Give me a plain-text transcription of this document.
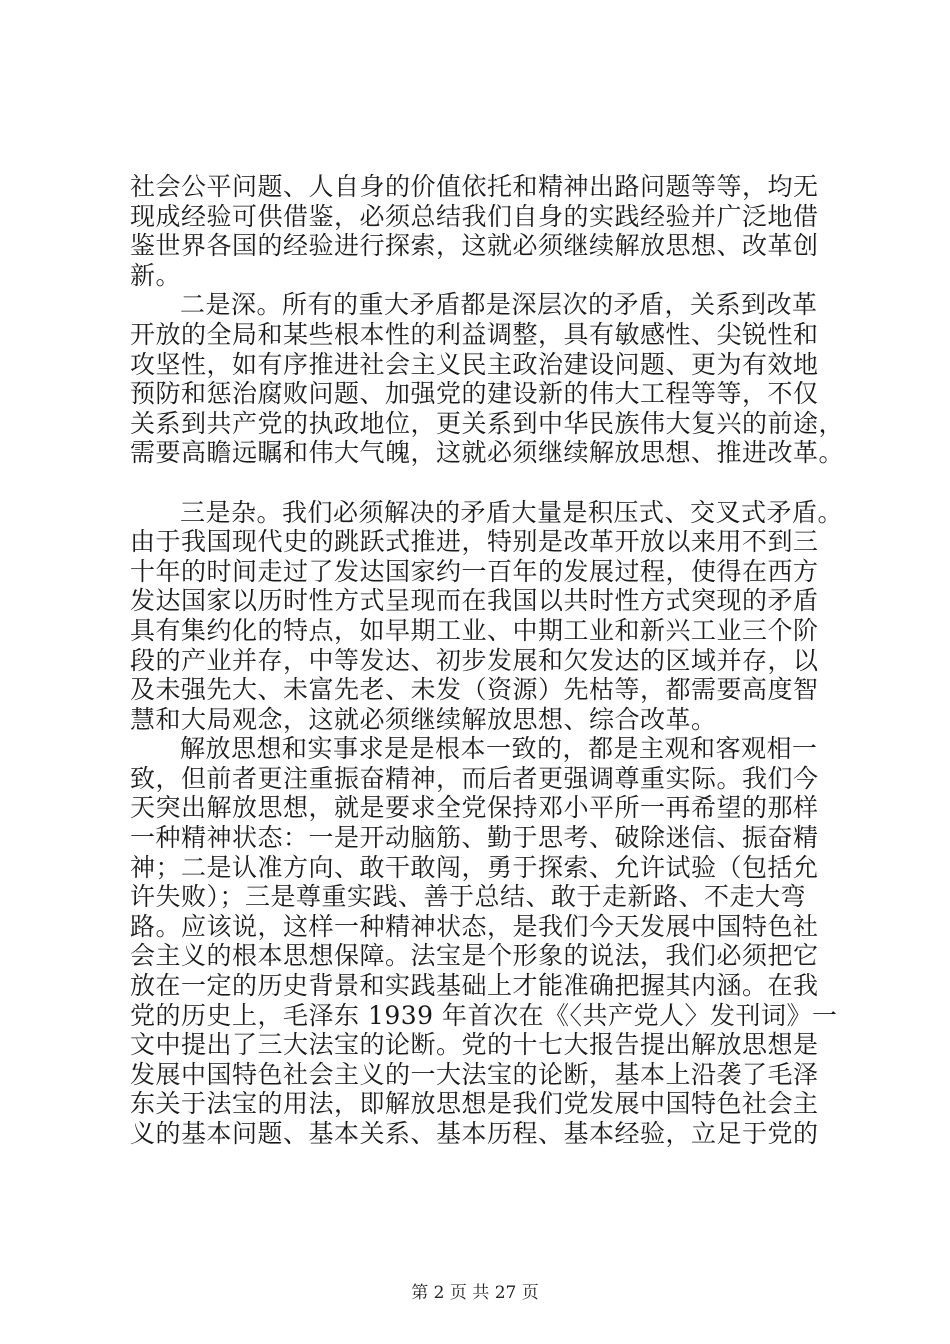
社会公平问题、人自身的价值依托和精神出路问题等等，均无
现成经验可供借鉴，必须总结我们自身的实践经验并广泛地借
鉴世界各国的经验进行探索，这就必须继续解放思想、改革创
新。
二是深。所有的重大矛盾都是深层次的矛盾，关系到改革
开放的全局和某些根本性的利益调整，具有敏感性、尖锐性和
攻坚性，如有序推进社会主义民主政治建设问题、更为有效地
预防和惩治腐败问题、加强党的建设新的伟大工程等等，不仅
关系到共产党的执政地位，更关系到中华民族伟大复兴的前途，
需要高瞻远瞩和伟大气魄，这就必须继续解放思想、推进改革。
三是杂。我们必须解决的矛盾大量是积压式、交叉式矛盾。
由于我国现代史的跳跃式推进，特别是改革开放以来用不到三
十年的时间走过了发达国家约一百年的发展过程，使得在西方
发达国家以历时性方式呈现而在我国以共时性方式突现的矛盾
具有集约化的特点，如早期工业、中期工业和新兴工业三个阶
段的产业并存，中等发达、初步发展和欠发达的区域并存，以
及未强先大、未富先老、未发（资源）先枯等，都需要高度智
慧和大局观念，这就必须继续解放思想、综合改革。
解放思想和实事求是是根本一致的，都是主观和客观相一
致，但前者更注重振奋精神，而后者更强调尊重实际。我们今
天突出解放思想，就是要求全党保持邓小平所一再希望的那样
一种精神状态：一是开动脑筋、勤于思考、破除迷信、振奋精
神；二是认准方向、敢干敢闯，勇于探索、允许试验（包括允
许失败）；三是尊重实践、善于总结、敢于走新路、不走大弯
路。应该说，这样一种精神状态，是我们今天发展中国特色社
会主义的根本思想保障。法宝是个形象的说法，我们必须把它
放在一定的历史背景和实践基础上才能准确把握其内涵。在我
党的历史上，毛泽东 1939 年首次在《〈共产党人〉发刊词》一
文中提出了三大法宝的论断。党的十七大报告提出解放思想是
发展中国特色社会主义的一大法宝的论断，基本上沿袭了毛泽
东关于法宝的用法，即解放思想是我们党发展中国特色社会主
义的基本问题、基本关系、基本历程、基本经验，立足于党的
第 2 页 共 27 页
